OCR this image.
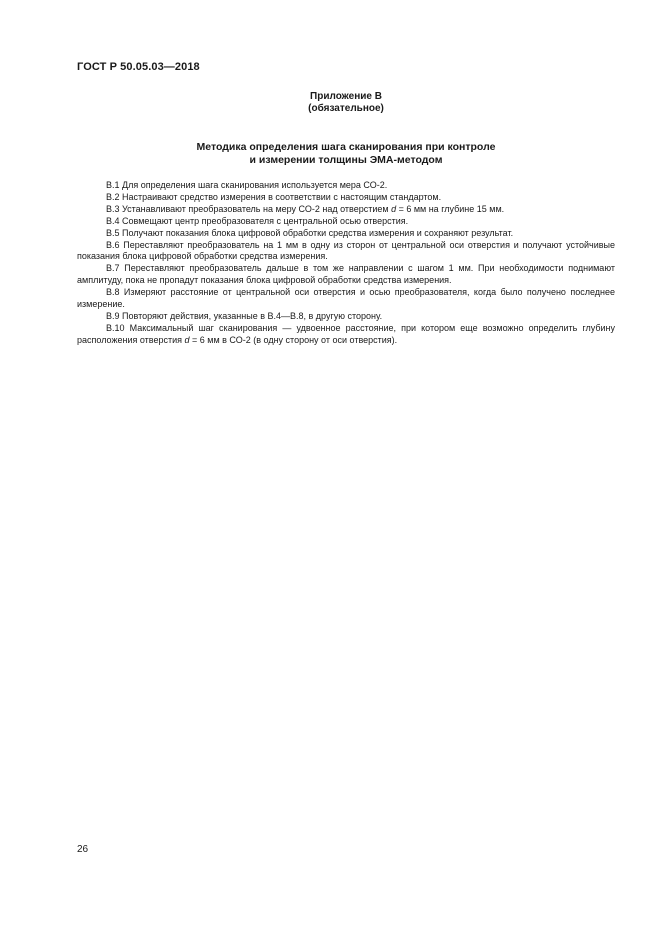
ГОСТ Р 50.05.03—2018
Приложение В
(обязательное)
Методика определения шага сканирования при контроле
и измерении толщины ЭМА-методом

В.1 Для определения шага сканирования используется мера СО-2.

В.2 Настраивают средство измерения в соответствии с настоящим стандартом.

В.3 Устанавливают преобразователь на меру СО-2 над отверстием d = 6 мм на глубине 15 мм.

В.4 Совмещают центр преобразователя с центральной осью отверстия.

В.5 Получают показания блока цифровой обработки средства измерения и сохраняют результат.

В.6 Переставляют преобразователь на 1 мм в одну из сторон от центральной оси отверстия и получают устойчивые показания блока цифровой обработки средства измерения.

В.7 Переставляют преобразователь дальше в том же направлении с шагом 1 мм. При необходимости поднимают амплитуду, пока не пропадут показания блока цифровой обработки средства измерения.

В.8 Измеряют расстояние от центральной оси отверстия и осью преобразователя, когда было получено последнее измерение.

В.9 Повторяют действия, указанные в В.4—В.8, в другую сторону.

В.10 Максимальный шаг сканирования — удвоенное расстояние, при котором еще возможно определить глубину расположения отверстия d = 6 мм в СО-2 (в одну сторону от оси отверстия).

26
